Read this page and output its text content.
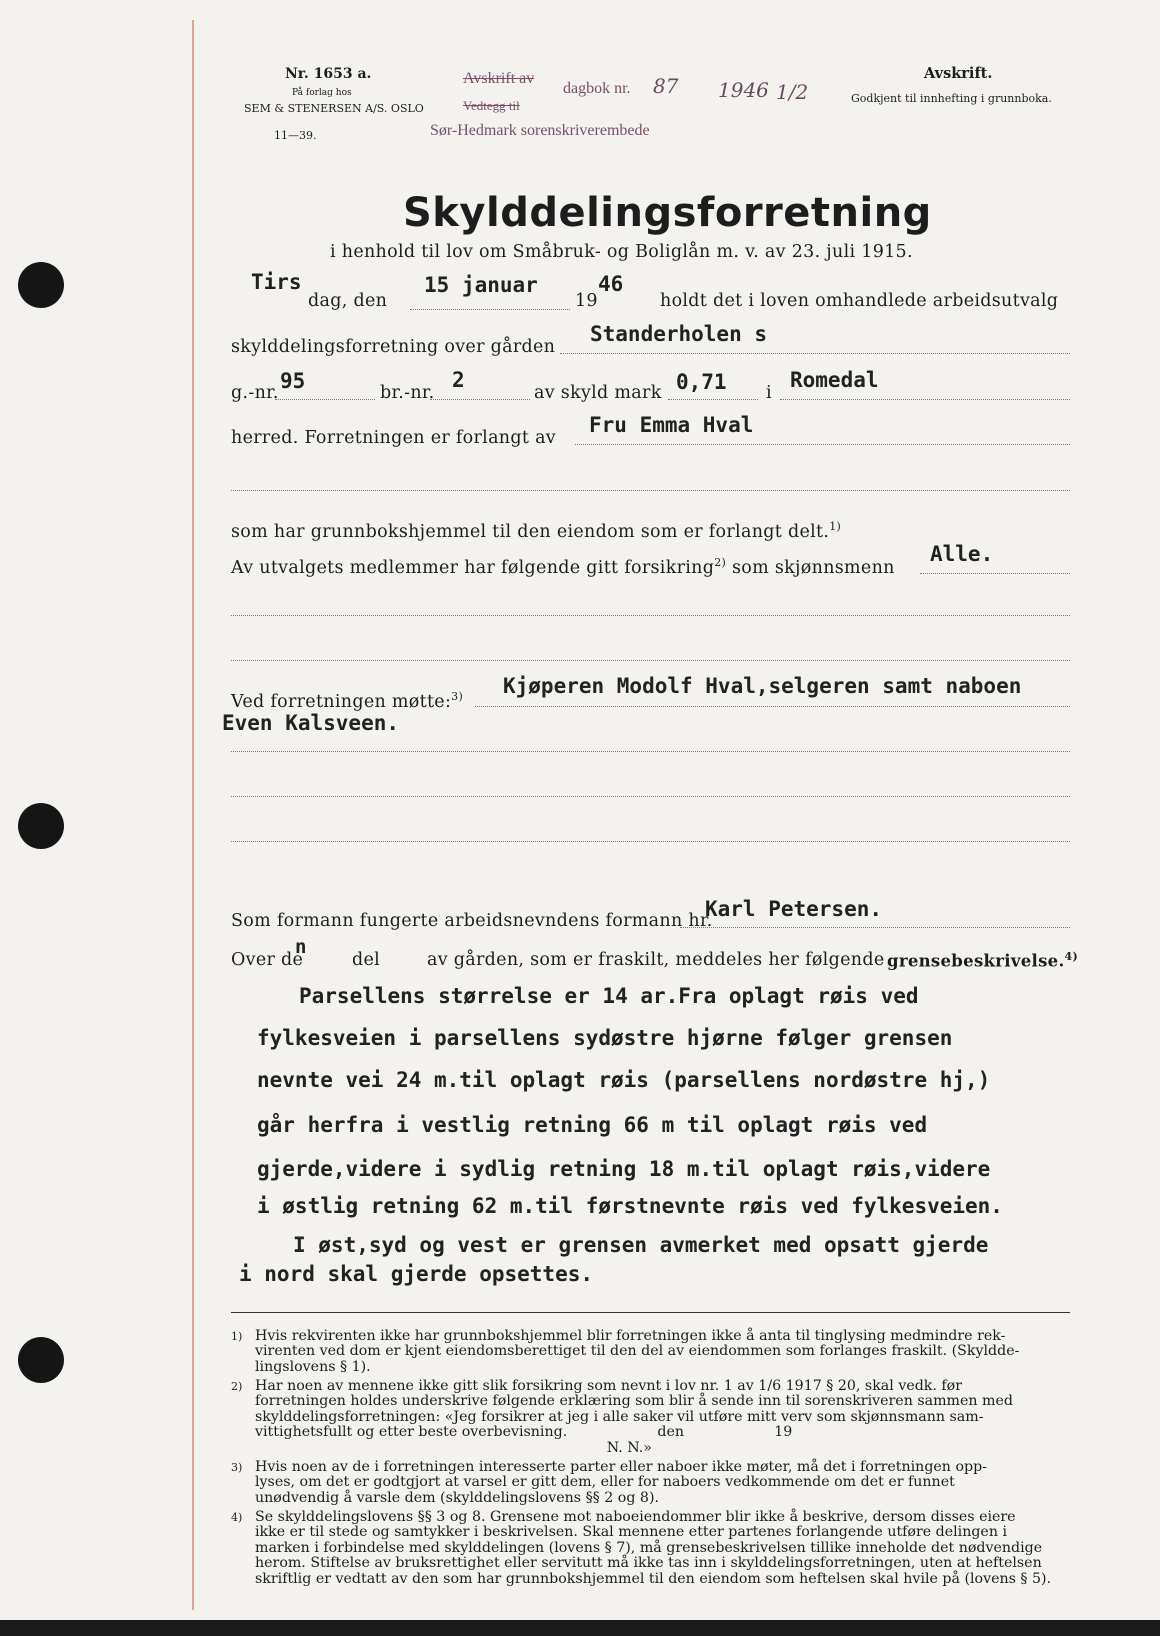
Nr. 1653 a.
På forlag hos
SEM & STENERSEN A/S. OSLO
11—39.
Avskrift av
dagbok nr. 87 1946 1/2
Vedtegg til
Sør-Hedmark sorenskriverembede
Avskrift.
Godkjent til innhefting i grunnboka.
Skylddelingsforretning
i henhold til lov om Småbruk- og Boliglån m. v. av 23. juli 1915.
Tirs
dag, den
15 januar
19
46
holdt det i loven omhandlede arbeidsutvalg
skylddelingsforretning over gården
Standerholen s
g.-nr. 95	br.-nr.
2
av skyld mark 0,71 i
Romedal
herred. Forretningen er forlangt av
Fru Emma Hval
som har grunnbokshjemmel til den eiendom som er forlangt delt.$^{1)}$
Av utvalgets medlemmer har følgende gitt forsikring$^{2)}$ som skjønnsmenn
Alle.
Ved forretningen møtte:$^{3)}$ Kjøperen Modolf Hval,selgeren samt naboen
Even Kalsveen.
Som formann fungerte arbeidsnevndens formann hr.
Karl Petersen.
Over de
n
del	av gården, som er fraskilt, meddeles her følgende grensebeskrivelse.$^{4)}$
Parsellens størrelse er 14 ar.Fra oplagt røis ved
fylkesveien i parsellens sydøstre hjørne følger grensen
nevnte vei 24 m.til oplagt røis (parsellens nordøstre hj,)
går herfra i vestlig retning 66 m til oplagt røis ved
gjerde,videre i sydlig retning 18 m.til oplagt røis,videre
i østlig retning 62 m.til førstnevnte røis ved fylkesveien.
I øst,syd og vest er grensen avmerket med opsatt gjerde
i nord skal gjerde opsettes.
1) Hvis rekvirenten ikke har grunnbokshjemmel blir forretningen ikke å anta til tinglysing medmindre rek-
virenten ved dom er kjent eiendomsberettiget til den del av eiendommen som forlanges fraskilt. (Skyldde-
lingslovens § 1).
2) Har noen av mennene ikke gitt slik forsikring som nevnt i lov nr. 1 av 1/6 1917 § 20, skal vedk. før
forretningen holdes underskrive følgende erklæring som blir å sende inn til sorenskriveren sammen med
skylddelingsforretningen: «Jeg forsikrer at jeg i alle saker vil utføre mitt verv som skjønnsmann sam-
vittighetsfullt og etter beste overbevisning.                    den                    19
N. N.»
3) Hvis noen av de i forretningen interesserte parter eller naboer ikke møter, må det i forretningen opp-
lyses, om det er godtgjort at varsel er gitt dem, eller for naboers vedkommende om det er funnet
unødvendig å varsle dem (skylddelingslovens §§ 2 og 8).
4) Se skylddelingslovens §§ 3 og 8. Grensene mot naboeiendommer blir ikke å beskrive, dersom disses eiere
ikke er til stede og samtykker i beskrivelsen. Skal mennene etter partenes forlangende utføre delingen i
marken i forbindelse med skylddelingen (lovens § 7), må grensebeskrivelsen tillike inneholde det nødvendige
herom. Stiftelse av bruksrettighet eller servitutt må ikke tas inn i skylddelingsforretningen, uten at heftelsen
skriftlig er vedtatt av den som har grunnbokshjemmel til den eiendom som heftelsen skal hvile på (lovens § 5).
